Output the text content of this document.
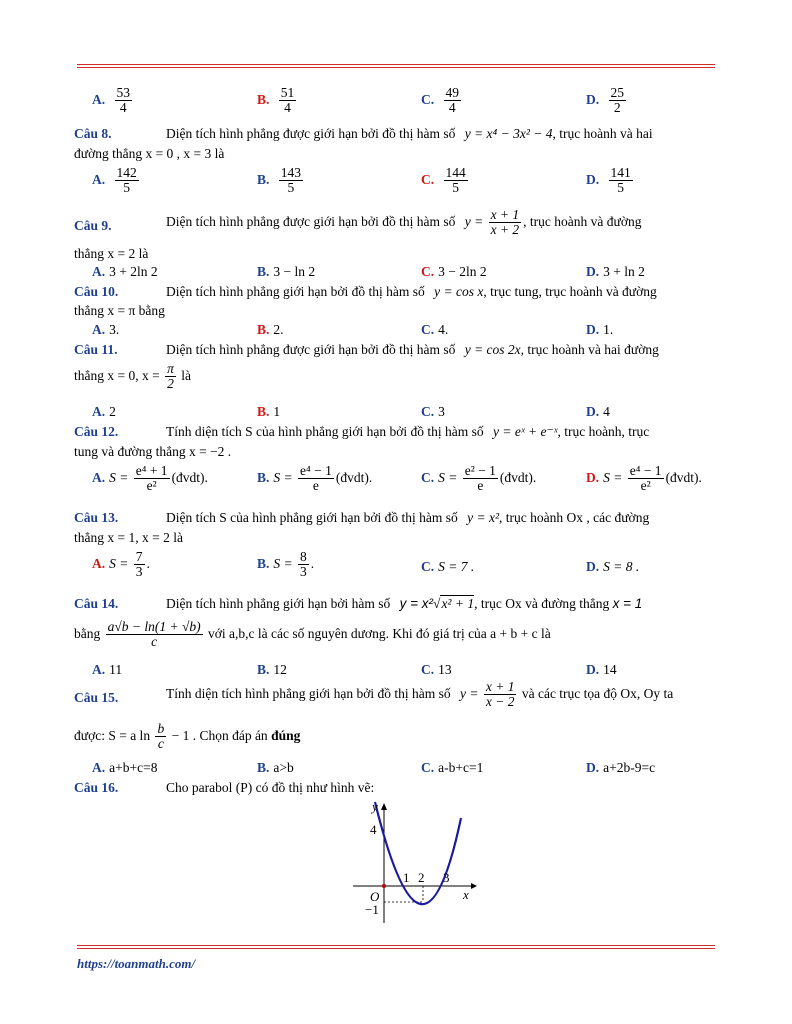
A. $\frac{53}{4}$	B. $\frac{51}{4}$	C. $\frac{49}{4}$	D. $\frac{25}{2}$
Câu 8.	Diện tích hình phẳng được giới hạn bởi đồ thị hàm số y = x⁴ − 3x² − 4, trục hoành và hai
đường thẳng x = 0 , x = 3 là
A. $\frac{142}{5}$	B. $\frac{143}{5}$	C. $\frac{144}{5}$	D. $\frac{141}{5}$
Câu 9.	Diện tích hình phẳng được giới hạn bởi đồ thị hàm số $y = \frac{x + 1}{x + 2}$ , trục hoành và đường
thẳng x = 2 là
A. 3 + 2ln 2	B. 3 − ln 2	C. 3 − 2ln 2	D. 3 + ln 2
Câu 10.	Diện tích hình phẳng giới hạn bởi đồ thị hàm số y = cos x, trục tung, trục hoành và đường
thẳng x = π bằng
A. 3.	B. 2.	C. 4.	D. 1.
Câu 11.	Diện tích hình phẳng được giới hạn bởi đồ thị hàm số y = cos 2x, trục hoành và hai đường
thẳng x = 0, $x = \frac{\pi}{2}$ là
A. 2	B. 1	C. 3	D. 4
Câu 12.	Tính diện tích S của hình phẳng giới hạn bởi đồ thị hàm số y = eˣ + e⁻ˣ, trục hoành, trục
tung và đường thẳng x = −2 .
A. $S = \frac{\text{e⁴ + 1}}{\text{e²}}$ (đvdt).	B. $S = \frac{\text{e⁴ − 1}}{e}$ (đvdt).	C. $S = \frac{\text{e² − 1}}{e}$ (đvdt).	D. $S = \frac{\text{e⁴ − 1}}{\text{e²}}$ (đvdt).
Câu 13.	Diện tích S của hình phẳng giới hạn bởi đồ thị hàm số y = x², trục hoành Ox , các đường
thẳng x = 1, x = 2 là
A. $S = \frac{7}{3}$ .	B. $S = \frac{8}{3}$ .	C. S = 7 .	D. S = 8 .
Câu 14.	Diện tích hình phẳng giới hạn bởi hàm số y = x²√x² + 1, trục Ox và đường thẳng x = 1
bằng $\frac{a√b - \ln(1 + √b)}{c}$ với a,b,c là các số nguyên dương. Khi đó giá trị của a + b + c là
A. 11	B. 12	C. 13	D. 14
Câu 15.	Tính diện tích hình phẳng giới hạn bởi đồ thị hàm số $y = \frac{x + 1}{x - 2}$ và các trục tọa độ Ox, Oy ta
được: S = a $\ln \frac{b}{c} - 1$ . Chọn đáp án đúng
A. a+b+c=8	B. a>b	C. a-b+c=1	D. a+2b-9=c
Câu 16.	Cho parabol (P) có đồ thị như hình vẽ:
y
x
O
4
−1
1 2 3
https://toanmath.com/
